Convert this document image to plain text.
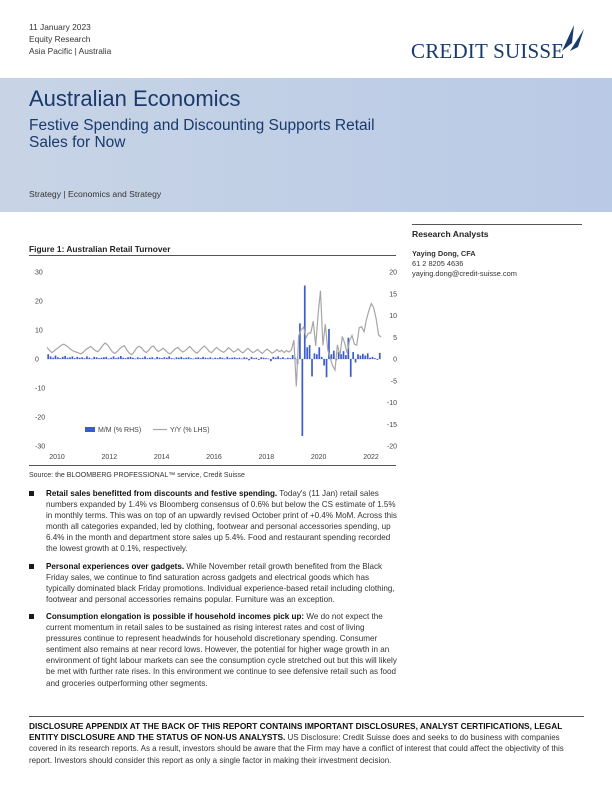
11 January 2023
Equity Research
Asia Pacific | Australia	CREDIT SUISSE
Australian Economics
Festive Spending and Discounting Supports Retail Sales for Now
Strategy | Economics and Strategy
Research Analysts
Yaying Dong, CFA
61 2 8205 4636
yaying.dong@credit-suisse.com
Figure 1: Australian Retail Turnover
30
20
10
0
-10
-20
-30
20
15
10
5
0
-5
-10
-15
-20
2010	2012	2014	2016	2018	2020	2022
M/M (% RHS)	Y/Y (% LHS)
Source: the BLOOMBERG PROFESSIONAL™ service, Credit Suisse
Retail sales benefitted from discounts and festive spending. Today's (11 Jan) retail sales numbers expanded by 1.4% vs Bloomberg consensus of 0.6% but below the CS estimate of 1.5% in monthly terms. This was on top of an upwardly revised October print of +0.4% MoM. Across this month all categories expanded, led by clothing, footwear and personal accessories spending, up 6.4% in the month and department store sales up 5.4%. Food and restaurant spending recorded the lowest growth at 0.1%, respectively.
Personal experiences over gadgets. While November retail growth benefited from the Black Friday sales, we continue to find saturation across gadgets and electrical goods which has typically dominated black Friday promotions. Individual experience-based retail including clothing, footwear and personal accessories remains popular. Furniture was an exception.
Consumption elongation is possible if household incomes pick up: We do not expect the current momentum in retail sales to be sustained as rising interest rates and cost of living pressures continue to represent headwinds for household discretionary spending. Consumer sentiment also remains at near record lows. However, the potential for higher wage growth in an environment of tight labour markets can see the consumption cycle stretched out but this will likely be met with further rate rises. In this environment we continue to see defensive retail such as food and groceries outperforming other segments.
DISCLOSURE APPENDIX AT THE BACK OF THIS REPORT CONTAINS IMPORTANT DISCLOSURES, ANALYST CERTIFICATIONS, LEGAL ENTITY DISCLOSURE AND THE STATUS OF NON-US ANALYSTS. US Disclosure: Credit Suisse does and seeks to do business with companies covered in its research reports. As a result, investors should be aware that the Firm may have a conflict of interest that could affect the objectivity of this report. Investors should consider this report as only a single factor in making their investment decision.
